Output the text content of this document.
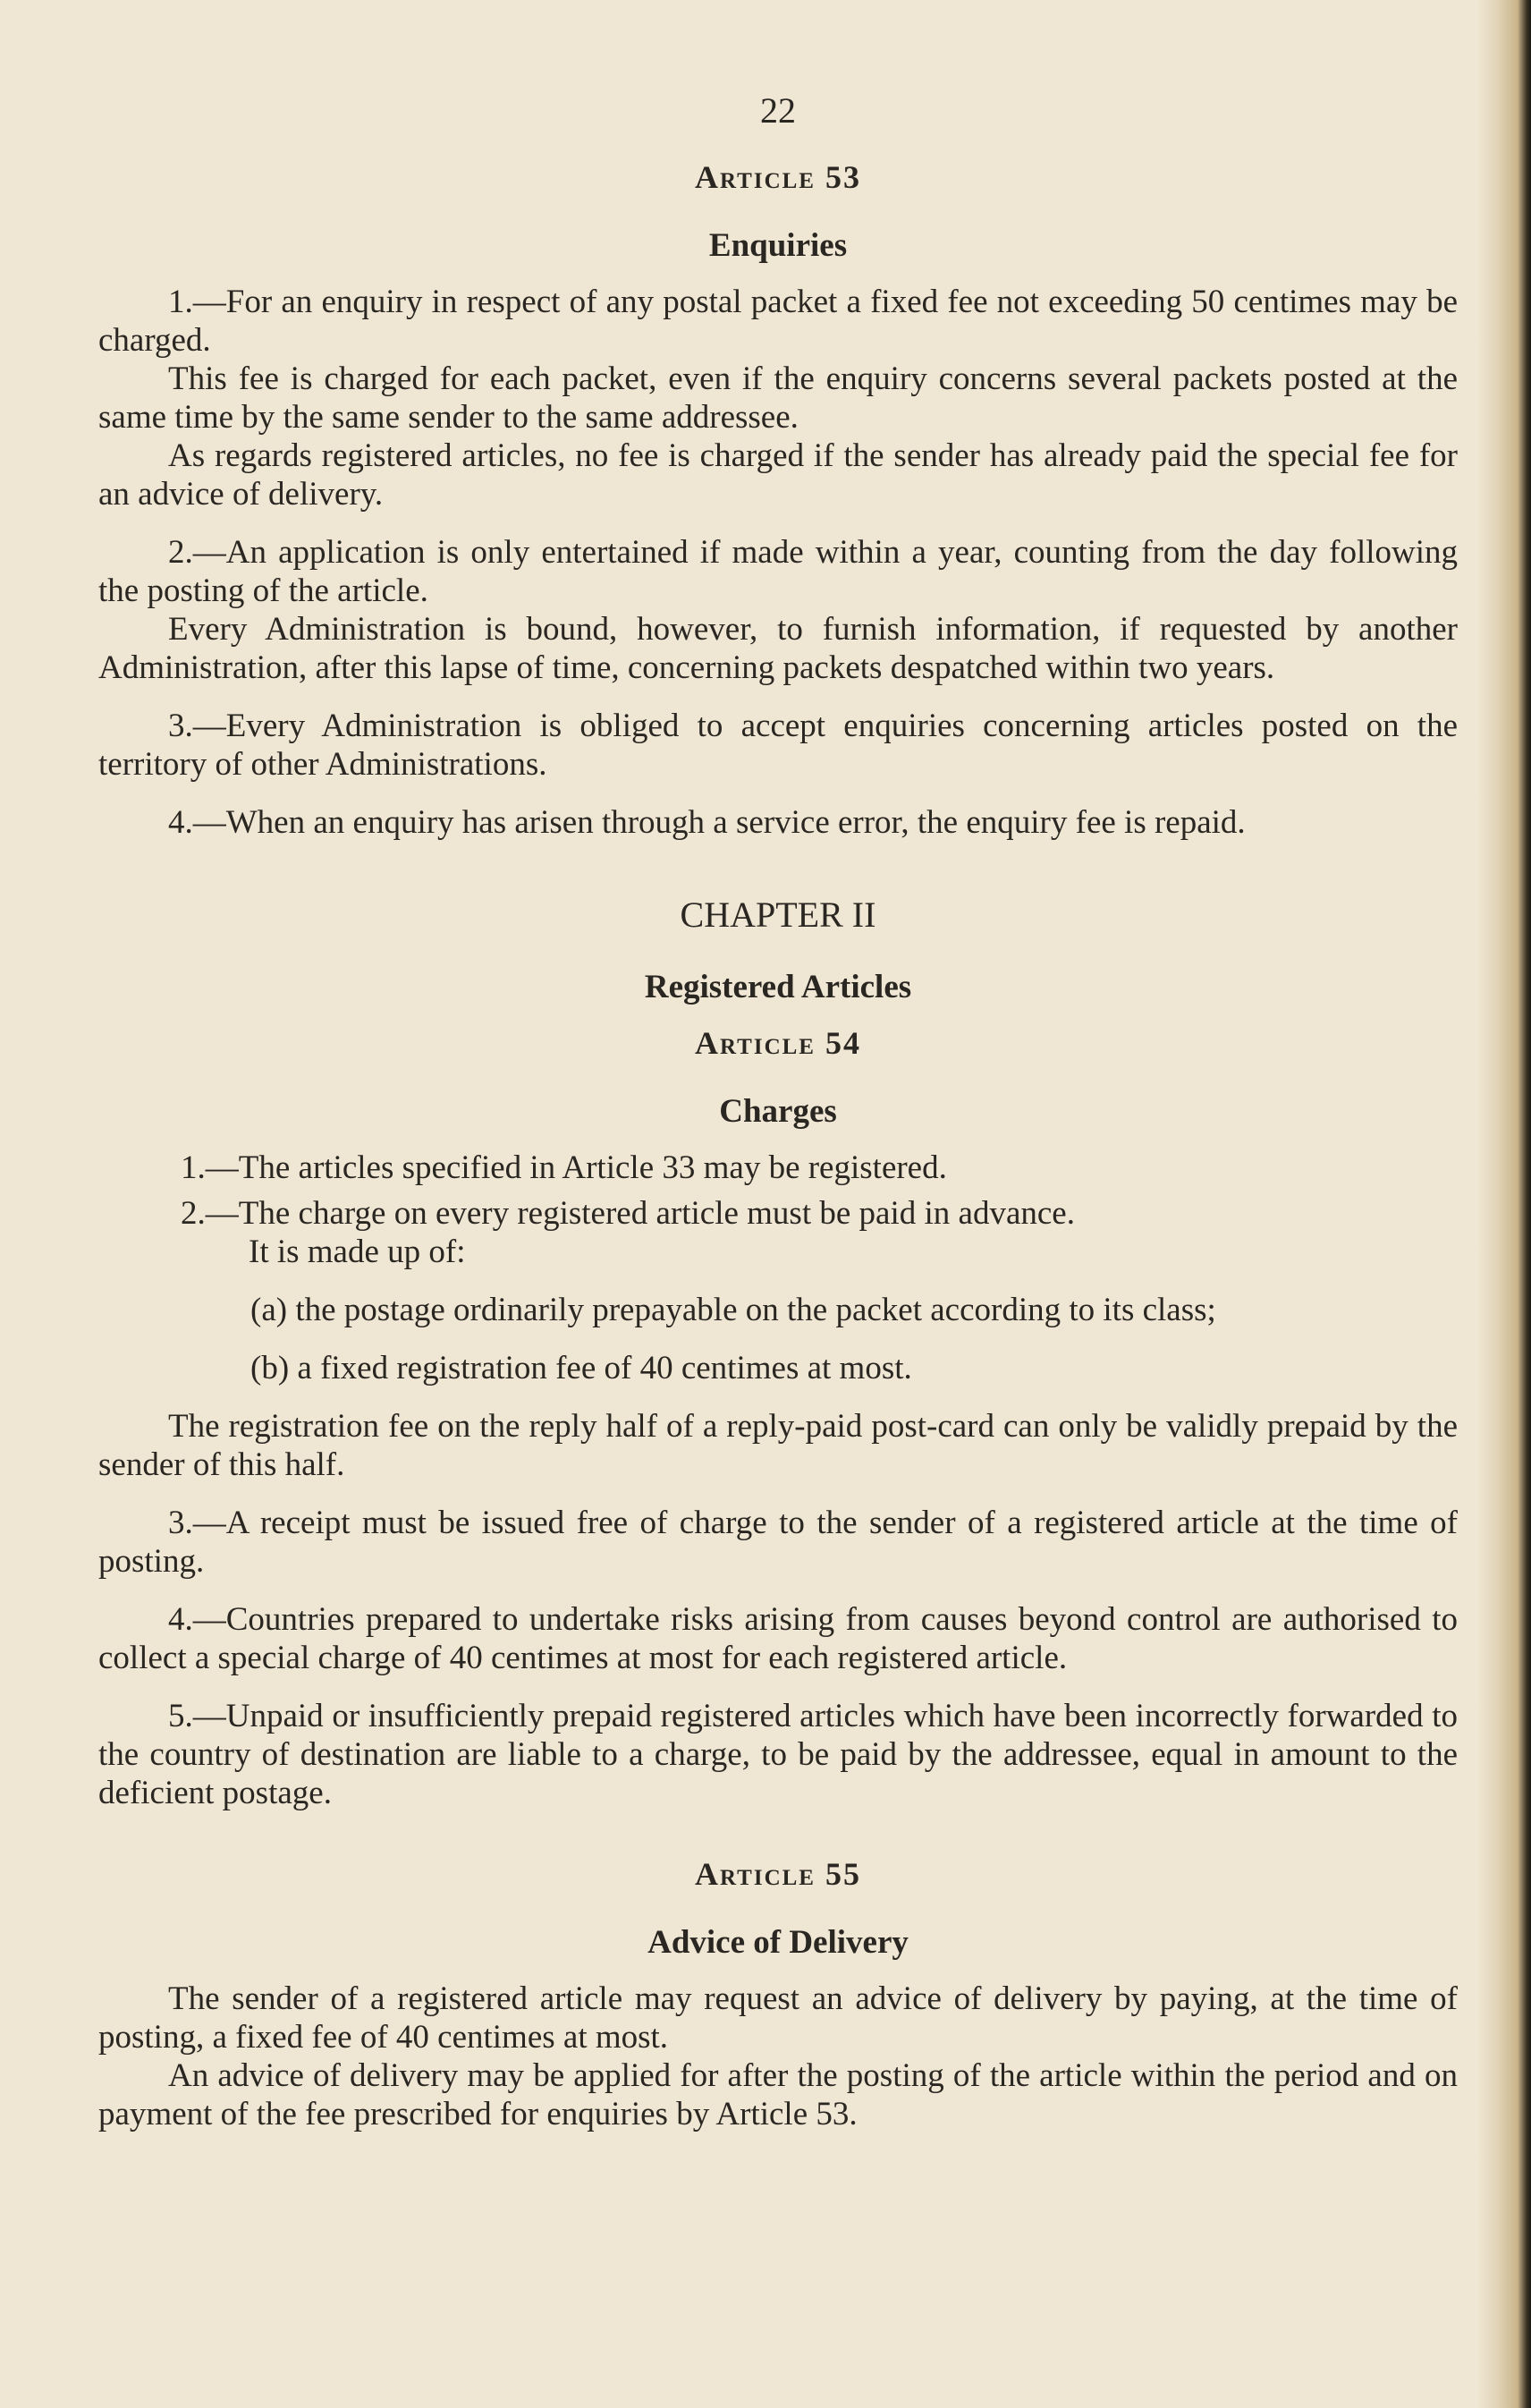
22
Article 53
Enquiries

1.—For an enquiry in respect of any postal packet a fixed fee not exceeding 50 centimes may be charged.

This fee is charged for each packet, even if the enquiry concerns several packets posted at the same time by the same sender to the same addressee.

As regards registered articles, no fee is charged if the sender has already paid the special fee for an advice of delivery.

2.—An application is only entertained if made within a year, counting from the day following the posting of the article.

Every Administration is bound, however, to furnish information, if requested by another Administration, after this lapse of time, concerning packets despatched within two years.

3.—Every Administration is obliged to accept enquiries concerning articles posted on the territory of other Administrations.

4.—When an enquiry has arisen through a service error, the enquiry fee is repaid.

CHAPTER II
Registered Articles
Article 54
Charges

1.—The articles specified in Article 33 may be registered.

2.—The charge on every registered article must be paid in advance.

It is made up of:

(a) the postage ordinarily prepayable on the packet according to its class;

(b) a fixed registration fee of 40 centimes at most.

The registration fee on the reply half of a reply-paid post-card can only be validly prepaid by the sender of this half.

3.—A receipt must be issued free of charge to the sender of a registered article at the time of posting.

4.—Countries prepared to undertake risks arising from causes beyond control are authorised to collect a special charge of 40 centimes at most for each registered article.

5.—Unpaid or insufficiently prepaid registered articles which have been incorrectly forwarded to the country of destination are liable to a charge, to be paid by the addressee, equal in amount to the deficient postage.

Article 55
Advice of Delivery

The sender of a registered article may request an advice of delivery by paying, at the time of posting, a fixed fee of 40 centimes at most.

An advice of delivery may be applied for after the posting of the article within the period and on payment of the fee prescribed for enquiries by Article 53.
